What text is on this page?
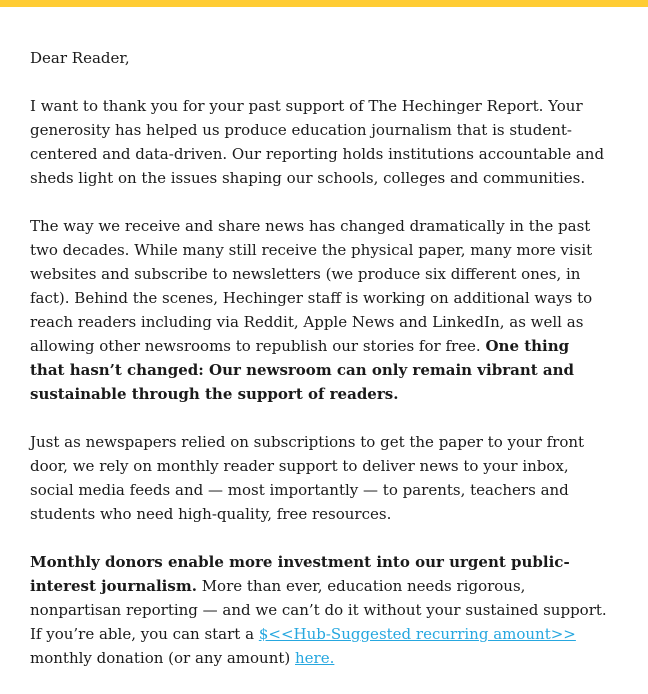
Dear Reader,

I want to thank you for your past support of The Hechinger Report. Your generosity has helped us produce education journalism that is student-centered and data-driven. Our reporting holds institutions accountable and sheds light on the issues shaping our schools, colleges and communities.

The way we receive and share news has changed dramatically in the past two decades. While many still receive the physical paper, many more visit websites and subscribe to newsletters (we produce six different ones, in fact). Behind the scenes, Hechinger staff is working on additional ways to reach readers including via Reddit, Apple News and LinkedIn, as well as allowing other newsrooms to republish our stories for free. One thing that hasn’t changed: Our newsroom can only remain vibrant and sustainable through the support of readers.

Just as newspapers relied on subscriptions to get the paper to your front door, we rely on monthly reader support to deliver news to your inbox, social media feeds and — most importantly — to parents, teachers and students who need high-quality, free resources.

Monthly donors enable more investment into our urgent public-interest journalism. More than ever, education needs rigorous, nonpartisan reporting — and we can’t do it without your sustained support. If you’re able, you can start a $<<Hub-Suggested recurring amount>> monthly donation (or any amount) here.
